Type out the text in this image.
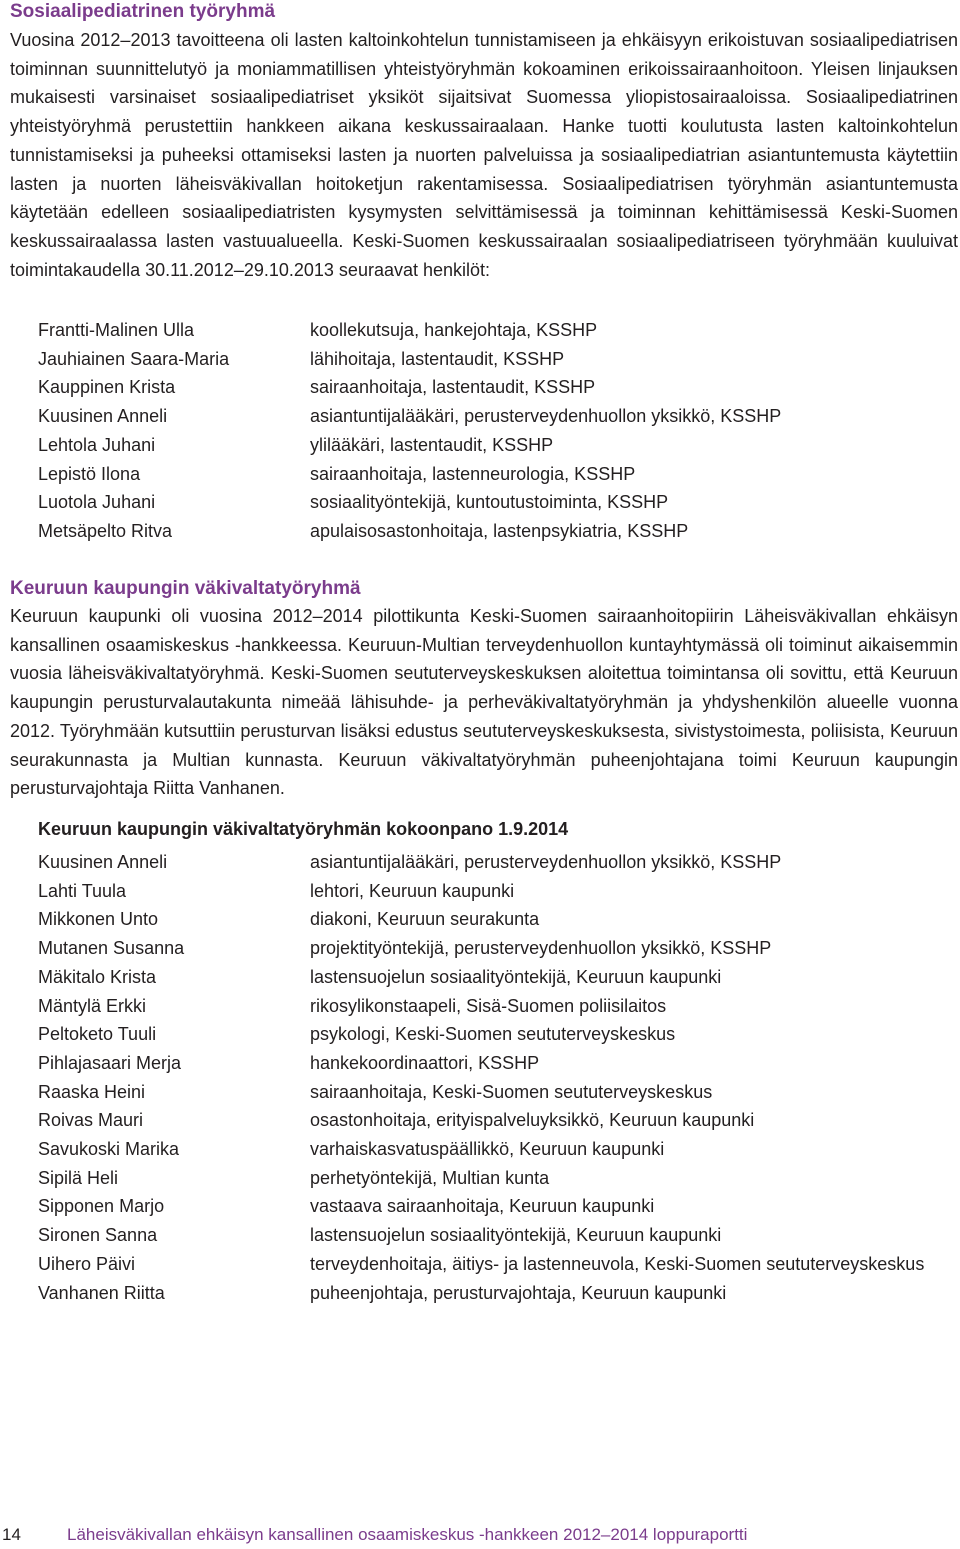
Sosiaalipediatrinen työryhmä

Vuosina 2012–2013 tavoitteena oli lasten kaltoinkohtelun tunnistamiseen ja ehkäisyyn erikoistuvan sosiaalipediatrisen toiminnan suunnittelutyö ja moniammatillisen yhteistyöryhmän kokoaminen erikoissairaanhoitoon. Yleisen linjauksen mukaisesti varsinaiset sosiaalipediatriset yksiköt sijaitsivat Suomessa yliopistosairaaloissa. Sosiaalipediatrinen yhteistyöryhmä perustettiin hankkeen aikana keskussairaalaan. Hanke tuotti koulutusta lasten kaltoinkohtelun tunnistamiseksi ja puheeksi ottamiseksi lasten ja nuorten palveluissa ja sosiaalipediatrian asiantuntemusta käytettiin lasten ja nuorten läheisväkivallan hoitoketjun rakentamisessa. Sosiaalipediatrisen työryhmän asiantuntemusta käytetään edelleen sosiaalipediatristen kysymysten selvittämisessä ja toiminnan kehittämisessä Keski-Suomen keskussairaalassa lasten vastuualueella. Keski-Suomen keskussairaalan sosiaalipediatriseen työryhmään kuuluivat toimintakaudella 30.11.2012–29.10.2013 seuraavat henkilöt:

Frantti-Malinen Ulla	koollekutsuja, hankejohtaja, KSSHP
Jauhiainen Saara-Maria	lähihoitaja, lastentaudit, KSSHP
Kauppinen Krista	sairaanhoitaja, lastentaudit, KSSHP
Kuusinen Anneli	asiantuntijalääkäri, perusterveydenhuollon yksikkö, KSSHP
Lehtola Juhani	ylilääkäri, lastentaudit, KSSHP
Lepistö Ilona	sairaanhoitaja, lastenneurologia, KSSHP
Luotola Juhani	sosiaalityöntekijä, kuntoutustoiminta, KSSHP
Metsäpelto Ritva	apulaisosastonhoitaja, lastenpsykiatria, KSSHP
Keuruun kaupungin väkivaltatyöryhmä

Keuruun kaupunki oli vuosina 2012–2014 pilottikunta Keski-Suomen sairaanhoitopiirin Läheisväkivallan ehkäisyn kansallinen osaamiskeskus -hankkeessa. Keuruun-Multian terveydenhuollon kuntayhtymässä oli toiminut aikaisemmin vuosia läheisväkivaltatyöryhmä. Keski-Suomen seututerveyskeskuksen aloitettua toimintansa oli sovittu, että Keuruun kaupungin perusturvalautakunta nimeää lähisuhde- ja perheväkivaltatyöryhmän ja yhdyshenkilön alueelle vuonna 2012. Työryhmään kutsuttiin perusturvan lisäksi edustus seututerveyskeskuksesta, sivistystoimesta, poliisista, Keuruun seurakunnasta ja Multian kunnasta. Keuruun väkivaltatyöryhmän puheenjohtajana toimi Keuruun kaupungin perusturvajohtaja Riitta Vanhanen.

Keuruun kaupungin väkivaltatyöryhmän kokoonpano 1.9.2014
Kuusinen Anneli	asiantuntijalääkäri, perusterveydenhuollon yksikkö, KSSHP
Lahti Tuula	lehtori, Keuruun kaupunki
Mikkonen Unto	diakoni, Keuruun seurakunta
Mutanen Susanna	projektityöntekijä, perusterveydenhuollon yksikkö, KSSHP
Mäkitalo Krista	lastensuojelun sosiaalityöntekijä, Keuruun kaupunki
Mäntylä Erkki	rikosylikonstaapeli, Sisä-Suomen poliisilaitos
Peltoketo Tuuli	psykologi, Keski-Suomen seututerveyskeskus
Pihlajasaari Merja	hankekoordinaattori, KSSHP
Raaska Heini	sairaanhoitaja, Keski-Suomen seututerveyskeskus
Roivas Mauri	osastonhoitaja, erityispalveluyksikkö, Keuruun kaupunki
Savukoski Marika	varhaiskasvatuspäällikkö, Keuruun kaupunki
Sipilä Heli	perhetyöntekijä, Multian kunta
Sipponen Marjo	vastaava sairaanhoitaja, Keuruun kaupunki
Sironen Sanna	lastensuojelun sosiaalityöntekijä, Keuruun kaupunki
Uihero Päivi	terveydenhoitaja, äitiys- ja lastenneuvola, Keski-Suomen seututerveyskeskus
Vanhanen Riitta	puheenjohtaja, perusturvajohtaja, Keuruun kaupunki
14	Läheisväkivallan ehkäisyn kansallinen osaamiskeskus -hankkeen 2012–2014 loppuraportti
